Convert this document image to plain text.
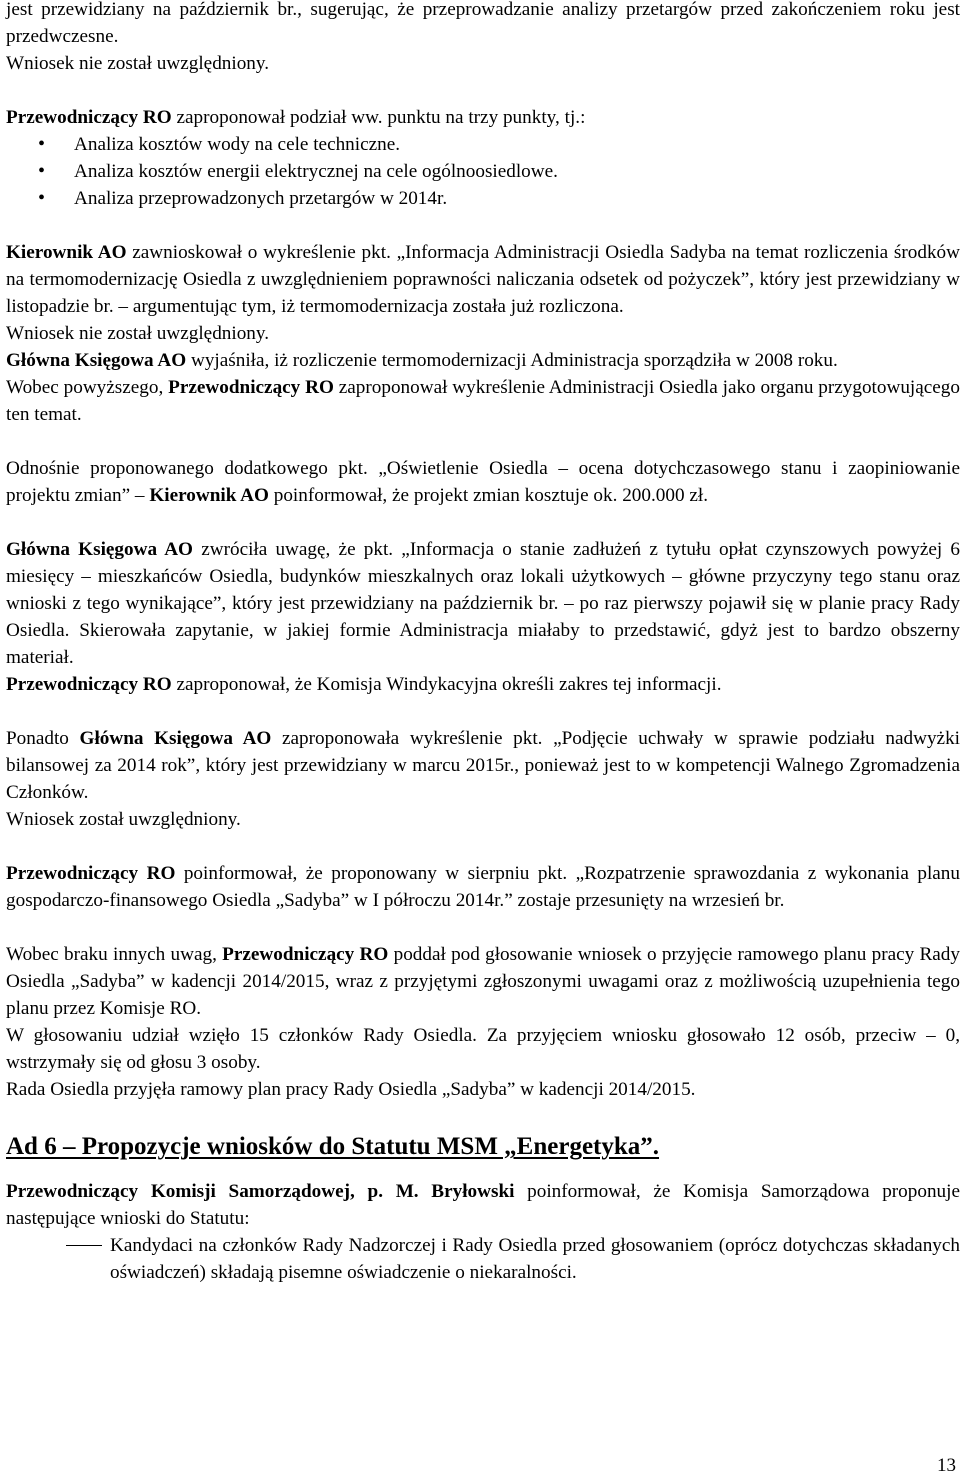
jest przewidziany na październik br., sugerując, że przeprowadzanie analizy przetargów przed zakończeniem roku jest przedwczesne.

Wniosek nie został uwzględniony.

Przewodniczący RO zaproponował podział ww. punktu na trzy punkty, tj.:

• Analiza kosztów wody na cele techniczne.
• Analiza kosztów energii elektrycznej na cele ogólnoosiedlowe.
• Analiza przeprowadzonych przetargów w 2014r.

Kierownik AO zawnioskował o wykreślenie pkt. „Informacja Administracji Osiedla Sadyba na temat rozliczenia środków na termomodernizację Osiedla z uwzględnieniem poprawności naliczania odsetek od pożyczek”, który jest przewidziany w listopadzie br. – argumentując tym, iż termomodernizacja została już rozliczona.

Wniosek nie został uwzględniony.

Główna Księgowa AO wyjaśniła, iż rozliczenie termomodernizacji Administracja sporządziła w 2008 roku.

Wobec powyższego, Przewodniczący RO zaproponował wykreślenie Administracji Osiedla jako organu przygotowującego ten temat.

Odnośnie proponowanego dodatkowego pkt. „Oświetlenie Osiedla – ocena dotychczasowego stanu i zaopiniowanie projektu zmian” – Kierownik AO poinformował, że projekt zmian kosztuje ok. 200.000 zł.

Główna Księgowa AO zwróciła uwagę, że pkt. „Informacja o stanie zadłużeń z tytułu opłat czynszowych powyżej 6 miesięcy – mieszkańców Osiedla, budynków mieszkalnych oraz lokali użytkowych – główne przyczyny tego stanu oraz wnioski z tego wynikające”, który jest przewidziany na październik br. – po raz pierwszy pojawił się w planie pracy Rady Osiedla. Skierowała zapytanie, w jakiej formie Administracja miałaby to przedstawić, gdyż jest to bardzo obszerny materiał.

Przewodniczący RO zaproponował, że Komisja Windykacyjna określi zakres tej informacji.

Ponadto Główna Księgowa AO zaproponowała wykreślenie pkt. „Podjęcie uchwały w sprawie podziału nadwyżki bilansowej za 2014 rok”, który jest przewidziany w marcu 2015r., ponieważ jest to w kompetencji Walnego Zgromadzenia Członków.

Wniosek został uwzględniony.

Przewodniczący RO poinformował, że proponowany w sierpniu pkt. „Rozpatrzenie sprawozdania z wykonania planu gospodarczo-finansowego Osiedla „Sadyba” w I półroczu 2014r.” zostaje przesunięty na wrzesień br.

Wobec braku innych uwag, Przewodniczący RO poddał pod głosowanie wniosek o przyjęcie ramowego planu pracy Rady Osiedla „Sadyba” w kadencji 2014/2015, wraz z przyjętymi zgłoszonymi uwagami oraz z możliwością uzupełnienia tego planu przez Komisje RO.

W głosowaniu udział wzięło 15 członków Rady Osiedla. Za przyjęciem wniosku głosowało 12 osób, przeciw – 0, wstrzymały się od głosu 3 osoby.

Rada Osiedla przyjęła ramowy plan pracy Rady Osiedla „Sadyba” w kadencji 2014/2015.

Ad 6 – Propozycje wniosków do Statutu MSM „Energetyka”.

Przewodniczący Komisji Samorządowej, p. M. Bryłowski poinformował, że Komisja Samorządowa proponuje następujące wnioski do Statutu:

Kandydaci na członków Rady Nadzorczej i Rady Osiedla przed głosowaniem (oprócz dotychczas składanych oświadczeń) składają pisemne oświadczenie o niekaralności.
13
